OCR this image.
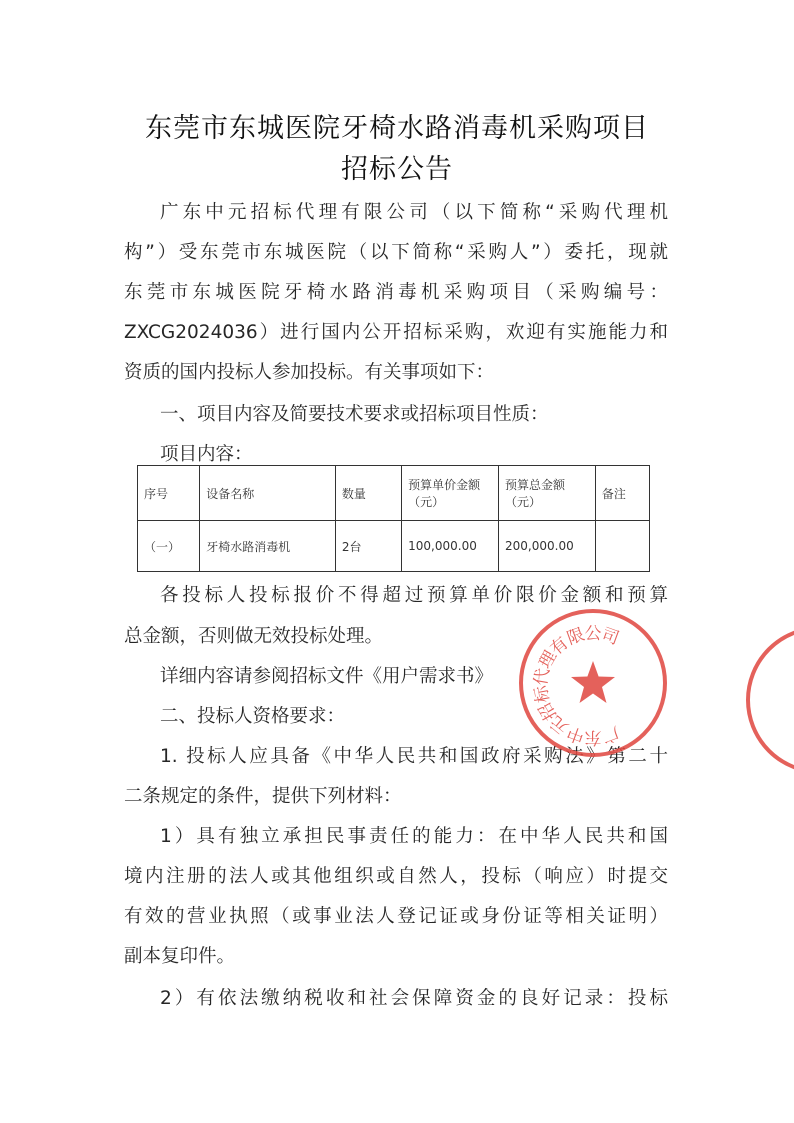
东莞市东城医院牙椅水路消毒机采购项目
招标公告
广东中元招标代理有限公司（以下简称“采购代理机
构”）受东莞市东城医院（以下简称“采购人”）委托，现就
东莞市东城医院牙椅水路消毒机采购项目（采购编号：
ZXCG2024036）进行国内公开招标采购，欢迎有实施能力和
资质的国内投标人参加投标。有关事项如下：
一、项目内容及简要技术要求或招标项目性质：
项目内容：
序号	设备名称	数量	预算单价金额（元）	预算总金额（元）	备注
（一）	牙椅水路消毒机	2台	100,000.00	200,000.00	
各投标人投标报价不得超过预算单价限价金额和预算
总金额，否则做无效投标处理。
详细内容请参阅招标文件《用户需求书》
二、投标人资格要求：
1. 投标人应具备《中华人民共和国政府采购法》第二十
二条规定的条件，提供下列材料：
1）具有独立承担民事责任的能力：在中华人民共和国
境内注册的法人或其他组织或自然人，投标（响应）时提交
有效的营业执照（或事业法人登记证或身份证等相关证明）
副本复印件。
2）有依法缴纳税收和社会保障资金的良好记录：投标
广
东
中
元
招
标
代
理
有
限
公
司
